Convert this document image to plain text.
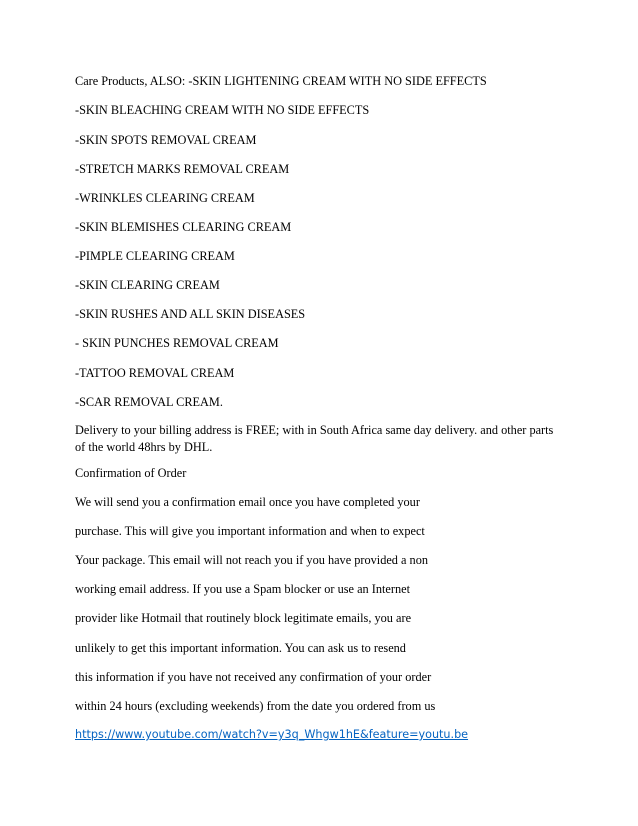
Care Products, ALSO: -SKIN LIGHTENING CREAM WITH NO SIDE EFFECTS
-SKIN BLEACHING CREAM WITH NO SIDE EFFECTS
-SKIN SPOTS REMOVAL CREAM
-STRETCH MARKS REMOVAL CREAM
-WRINKLES CLEARING CREAM
-SKIN BLEMISHES CLEARING CREAM
-PIMPLE CLEARING CREAM
-SKIN CLEARING CREAM
-SKIN RUSHES AND ALL SKIN DISEASES
- SKIN PUNCHES REMOVAL CREAM
-TATTOO REMOVAL CREAM
-SCAR REMOVAL CREAM.
Delivery to your billing address is FREE; with in South Africa same day delivery. and other parts of the world 48hrs by DHL.
Confirmation of Order
We will send you a confirmation email once you have completed your
purchase. This will give you important information and when to expect
Your package. This email will not reach you if you have provided a non
working email address. If you use a Spam blocker or use an Internet
provider like Hotmail that routinely block legitimate emails, you are
unlikely to get this important information. You can ask us to resend
this information if you have not received any confirmation of your order
within 24 hours (excluding weekends) from the date you ordered from us
https://www.youtube.com/watch?v=y3q_Whgw1hE&feature=youtu.be
